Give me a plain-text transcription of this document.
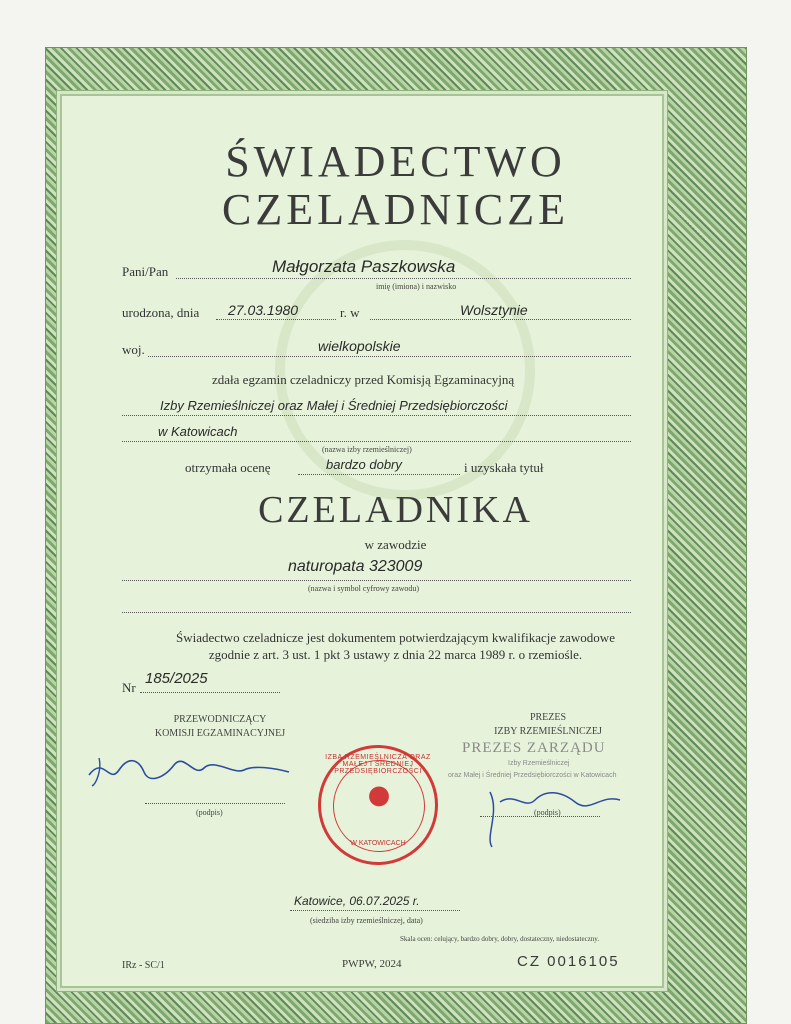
ŚWIADECTWO
CZELADNICZE
Pani/Pan	Małgorzata Paszkowska
imię (imiona) i nazwisko
urodzona, dnia 27.03.1980	r. w	Wolsztynie
woj.	wielkopolskie
zdała egzamin czeladniczy przed Komisją Egzaminacyjną
Izby Rzemieślniczej oraz Małej i Średniej Przedsiębiorczości
w Katowicach
(nazwa izby rzemieślniczej)
otrzymała ocenę	bardzo dobry	i uzyskała tytuł
CZELADNIKA
w zawodzie
naturopata 323009
(nazwa i symbol cyfrowy zawodu)
Świadectwo czeladnicze jest dokumentem potwierdzającym kwalifikacje zawodowe
zgodnie z art. 3 ust. 1 pkt 3 ustawy z dnia 22 marca 1989 r. o rzemiośle.
Nr
185/2025
PRZEWODNICZĄCY
KOMISJI EGZAMINACYJNEJ
(podpis)
IZBA RZEMIEŚLNICZA ORAZ MAŁEJ I ŚREDNIEJ PRZEDSIĘBIORCZOŚCI
W KATOWICACH
PREZES
IZBY RZEMIEŚLNICZEJ
PREZES ZARZĄDU
Izby Rzemieślniczej
oraz Małej i Średniej Przedsiębiorczości w Katowicach
(podpis)
Katowice, 06.07.2025 r.
(siedziba izby rzemieślniczej, data)
Skala ocen: celujący, bardzo dobry, dobry, dostateczny, niedostateczny.
IRz - SC/1	PWPW, 2024	CZ 0016105
